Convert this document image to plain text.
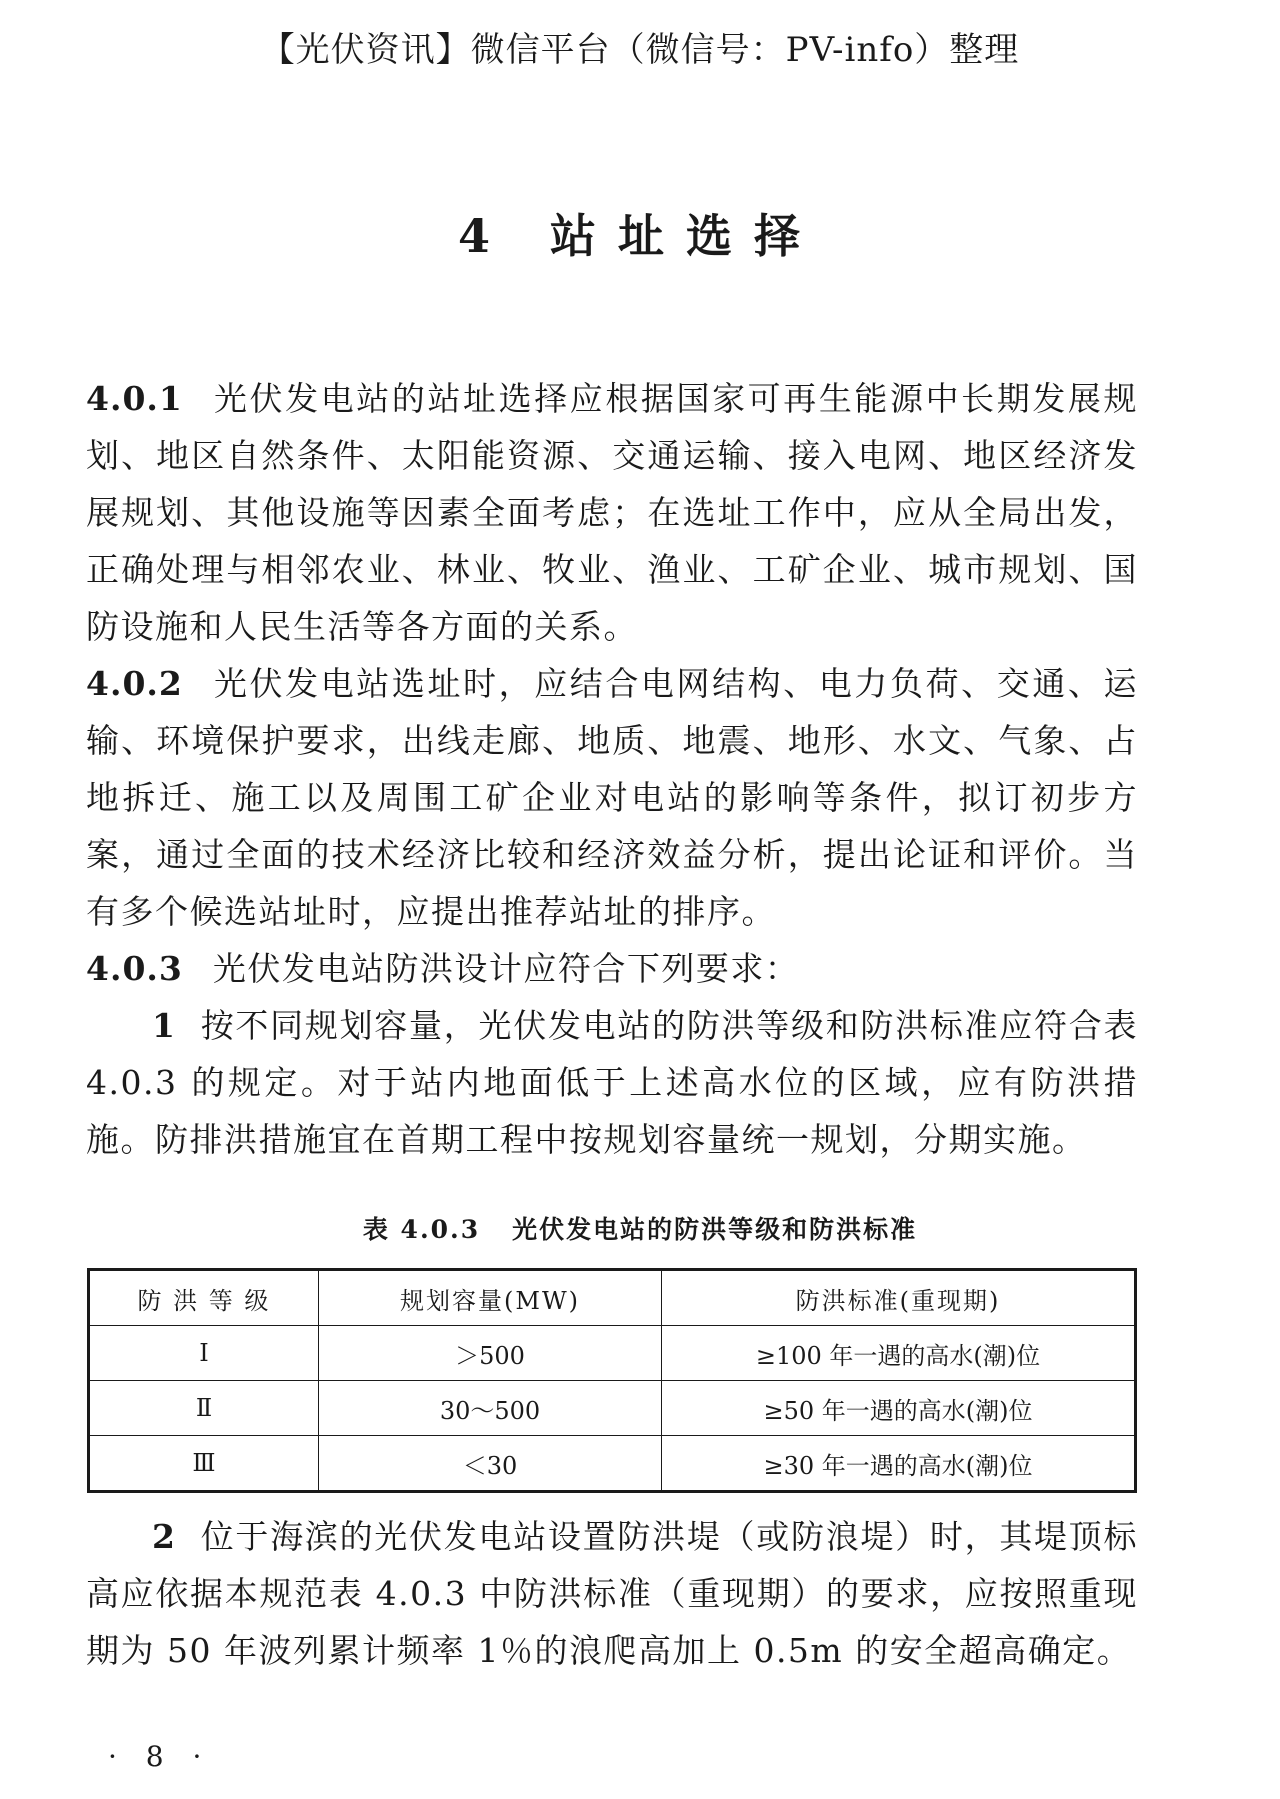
【光伏资讯】微信平台（微信号：PV-info）整理
4 站址选择

4.0.1 光伏发电站的站址选择应根据国家可再生能源中长期发展规划、地区自然条件、太阳能资源、交通运输、接入电网、地区经济发展规划、其他设施等因素全面考虑；在选址工作中，应从全局出发，正确处理与相邻农业、林业、牧业、渔业、工矿企业、城市规划、国防设施和人民生活等各方面的关系。

4.0.2 光伏发电站选址时，应结合电网结构、电力负荷、交通、运输、环境保护要求，出线走廊、地质、地震、地形、水文、气象、占地拆迁、施工以及周围工矿企业对电站的影响等条件，拟订初步方案，通过全面的技术经济比较和经济效益分析，提出论证和评价。当有多个候选站址时，应提出推荐站址的排序。

4.0.3 光伏发电站防洪设计应符合下列要求：

1 按不同规划容量，光伏发电站的防洪等级和防洪标准应符合表 4.0.3 的规定。对于站内地面低于上述高水位的区域，应有防洪措施。防排洪措施宜在首期工程中按规划容量统一规划，分期实施。

表 4.0.3 光伏发电站的防洪等级和防洪标准
防 洪 等 级	规划容量(MW)	防洪标准(重现期)
Ⅰ	＞500	≥100 年一遇的高水(潮)位
Ⅱ	30～500	≥50 年一遇的高水(潮)位
Ⅲ	＜30	≥30 年一遇的高水(潮)位

2 位于海滨的光伏发电站设置防洪堤（或防浪堤）时，其堤顶标高应依据本规范表 4.0.3 中防洪标准（重现期）的要求，应按照重现期为 50 年波列累计频率 1％的浪爬高加上 0.5m 的安全超高确定。

· 8 ·
